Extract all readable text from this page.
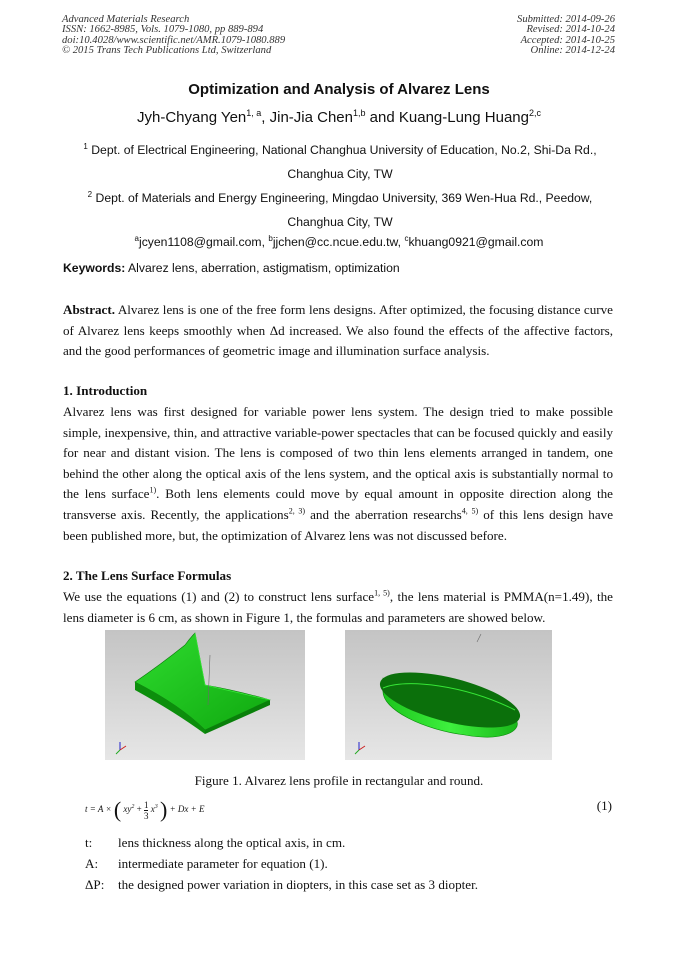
Advanced Materials Research
ISSN: 1662-8985, Vols. 1079-1080, pp 889-894
doi:10.4028/www.scientific.net/AMR.1079-1080.889
© 2015 Trans Tech Publications Ltd, Switzerland
Submitted: 2014-09-26
Revised: 2014-10-24
Accepted: 2014-10-25
Online: 2014-12-24
Optimization and Analysis of Alvarez Lens
Jyh-Chyang Yen$^{1, a}$, Jin-Jia Chen$^{1,b}$ and Kuang-Lung Huang$^{2,c}$
$^1$ Dept. of Electrical Engineering, National Changhua University of Education, No.2, Shi-Da Rd., Changhua City, TW
$^2$ Dept. of Materials and Energy Engineering, Mingdao University, 369 Wen-Hua Rd., Peedow, Changhua City, TW
$^a$jcyen1108@gmail.com, $^b$jjchen@cc.ncue.edu.tw, $^c$khuang0921@gmail.com
Keywords: Alvarez lens, aberration, astigmatism, optimization
Abstract. Alvarez lens is one of the free form lens designs. After optimized, the focusing distance curve of Alvarez lens keeps smoothly when Δd increased. We also found the effects of the affective factors, and the good performances of geometric image and illumination surface analysis.
1. Introduction
Alvarez lens was first designed for variable power lens system. The design tried to make possible simple, inexpensive, thin, and attractive variable-power spectacles that can be focused quickly and easily for near and distant vision. The lens is composed of two thin lens elements arranged in tandem, one behind the other along the optical axis of the lens system, and the optical axis is substantially normal to the lens surface$^{1)}$. Both lens elements could move by equal amount in opposite direction along the transverse axis. Recently, the applications$^{2, 3)}$ and the aberration researchs$^{4, 5)}$ of this lens design have been published more, but, the optimization of Alvarez lens was not discussed before.
2. The Lens Surface Formulas
We use the equations (1) and (2) to construct lens surface$^{1, 5)}$, the lens material is PMMA(n=1.49), the lens diameter is 6 cm, as shown in Figure 1, the formulas and parameters are showed below.
Figure 1. Alvarez lens profile in rectangular and round.
t = A × ( $xy^2 + \frac{1}{3} x^3$ ) + Dx + E	(1)
t: lens thickness along the optical axis, in cm.
A: intermediate parameter for equation (1).
ΔP: the designed power variation in diopters, in this case set as 3 diopter.
